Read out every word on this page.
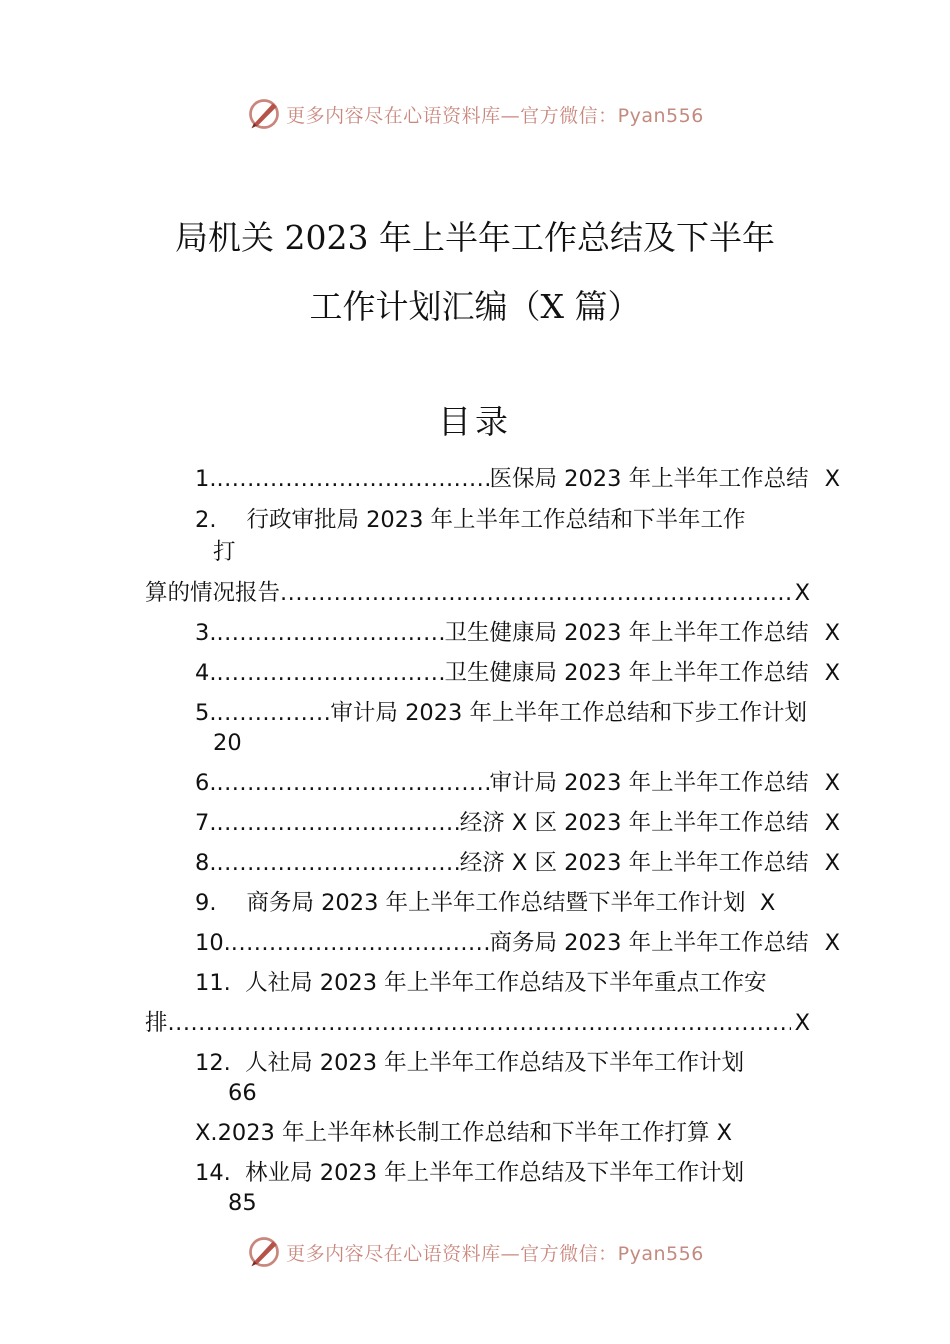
更多内容尽在心语资料库—官方微信：Pyan556
局机关 2023 年上半年工作总结及下半年
工作计划汇编（X 篇）
目录
1. .....	医保局 2023 年上半年工作总结 X
2. 行政审批局 2023 年上半年工作总结和下半年工作
打
算的情况报告 .....	X
3. .....	卫生健康局 2023 年上半年工作总结 X
4. .....	卫生健康局 2023 年上半年工作总结 X
5. .....	审计局 2023 年上半年工作总结和下步工作计划
20
6. .....	审计局 2023 年上半年工作总结 X
7. .....	经济 X 区 2023 年上半年工作总结 X
8. .....	经济 X 区 2023 年上半年工作总结 X
9. 商务局 2023 年上半年工作总结暨下半年工作计划 X
10. .....	商务局 2023 年上半年工作总结 X
11. 人社局 2023 年上半年工作总结及下半年重点工作安
排 .....	X
12. 人社局 2023 年上半年工作总结及下半年工作计划
66
X.2023 年上半年林长制工作总结和下半年工作打算 X
14. 林业局 2023 年上半年工作总结及下半年工作计划
85
更多内容尽在心语资料库—官方微信：Pyan556
